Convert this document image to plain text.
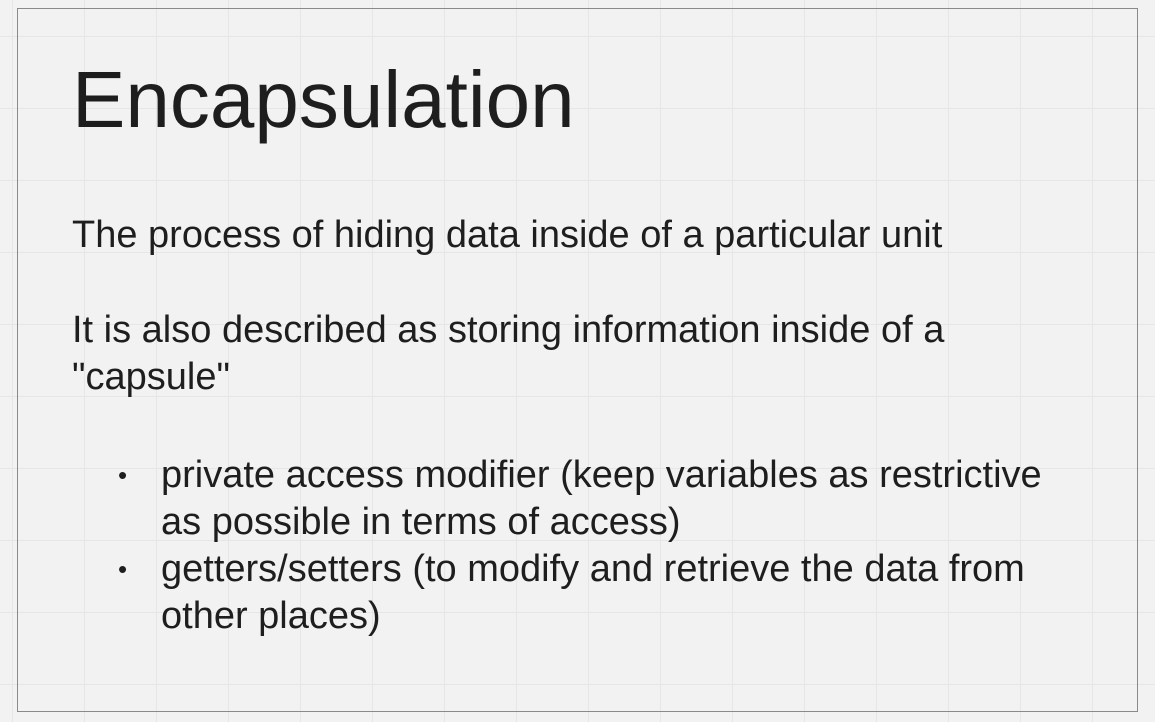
Encapsulation

The process of hiding data inside of a particular unit

It is also described as storing information inside of a "capsule"

• private access modifier (keep variables as restrictive as possible in terms of access)
• getters/setters (to modify and retrieve the data from other places)
